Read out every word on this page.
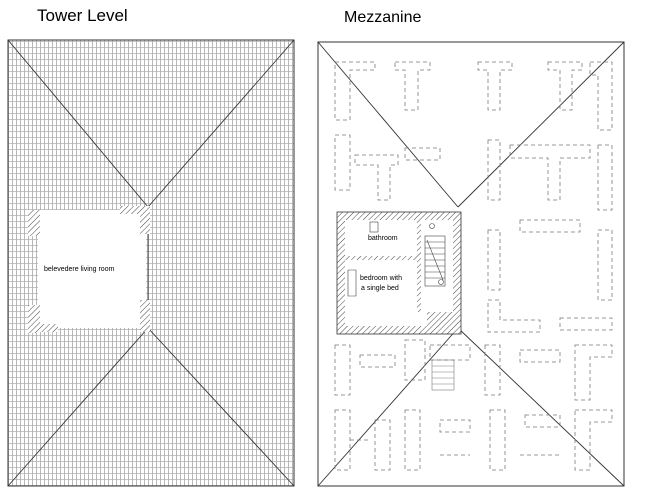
Tower Level	Mezzanine
belevedere living room
bathroom
bedroom with
a single bed
